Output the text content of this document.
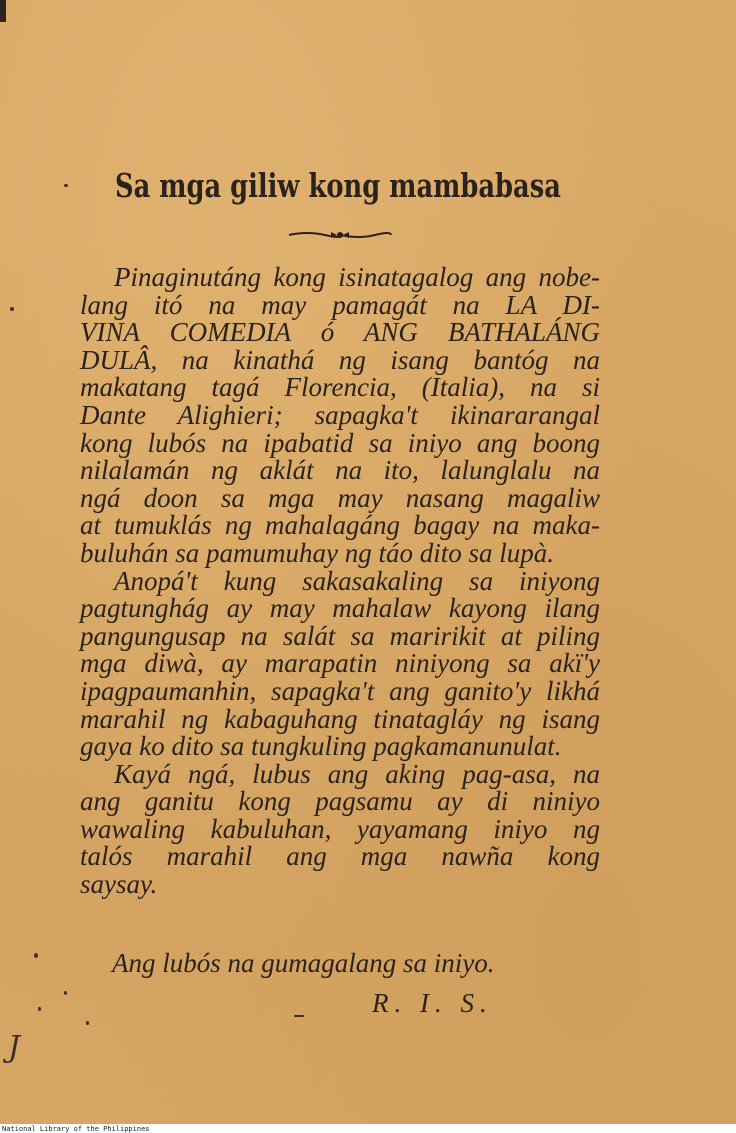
Sa mga giliw kong mambabasa
Pinaginutáng kong isinatagalog ang nobe-
lang itó na may pamagát na LA DI-
VINA COMEDIA ó ANG BATHALÁNG
DULÂ, na kinathá ng isang bantóg na
makatang tagá Florencia, (Italia), na si
Dante Alighieri; sapagka't ikinararangal
kong lubós na ipabatid sa iniyo ang boong
nilalamán ng aklát na ito, lalunglalu na
ngá doon sa mga may nasang magaliw
at tumuklás ng mahalagáng bagay na maka-
buluhán sa pamumuhay ng táo dito sa lupà.
Anopá't kung sakasakaling sa iniyong
pagtunghág ay may mahalaw kayong ilang
pangungusap na salát sa maririkit at piling
mga diwà, ay marapatin niniyong sa akï'y
ipagpaumanhin, sapagka't ang ganito'y likhá
marahil ng kabaguhang tinatagláy ng isang
gaya ko dito sa tungkuling pagkamanunulat.
Kayá ngá, lubus ang aking pag-asa, na
ang ganitu kong pagsamu ay di niniyo
wawaling kabuluhan, yayamang iniyo ng
talós marahil ang mga nawña kong
saysay.
Ang lubós na gumagalang sa iniyo.
R. I. S.
J
National Library of the Philippines
